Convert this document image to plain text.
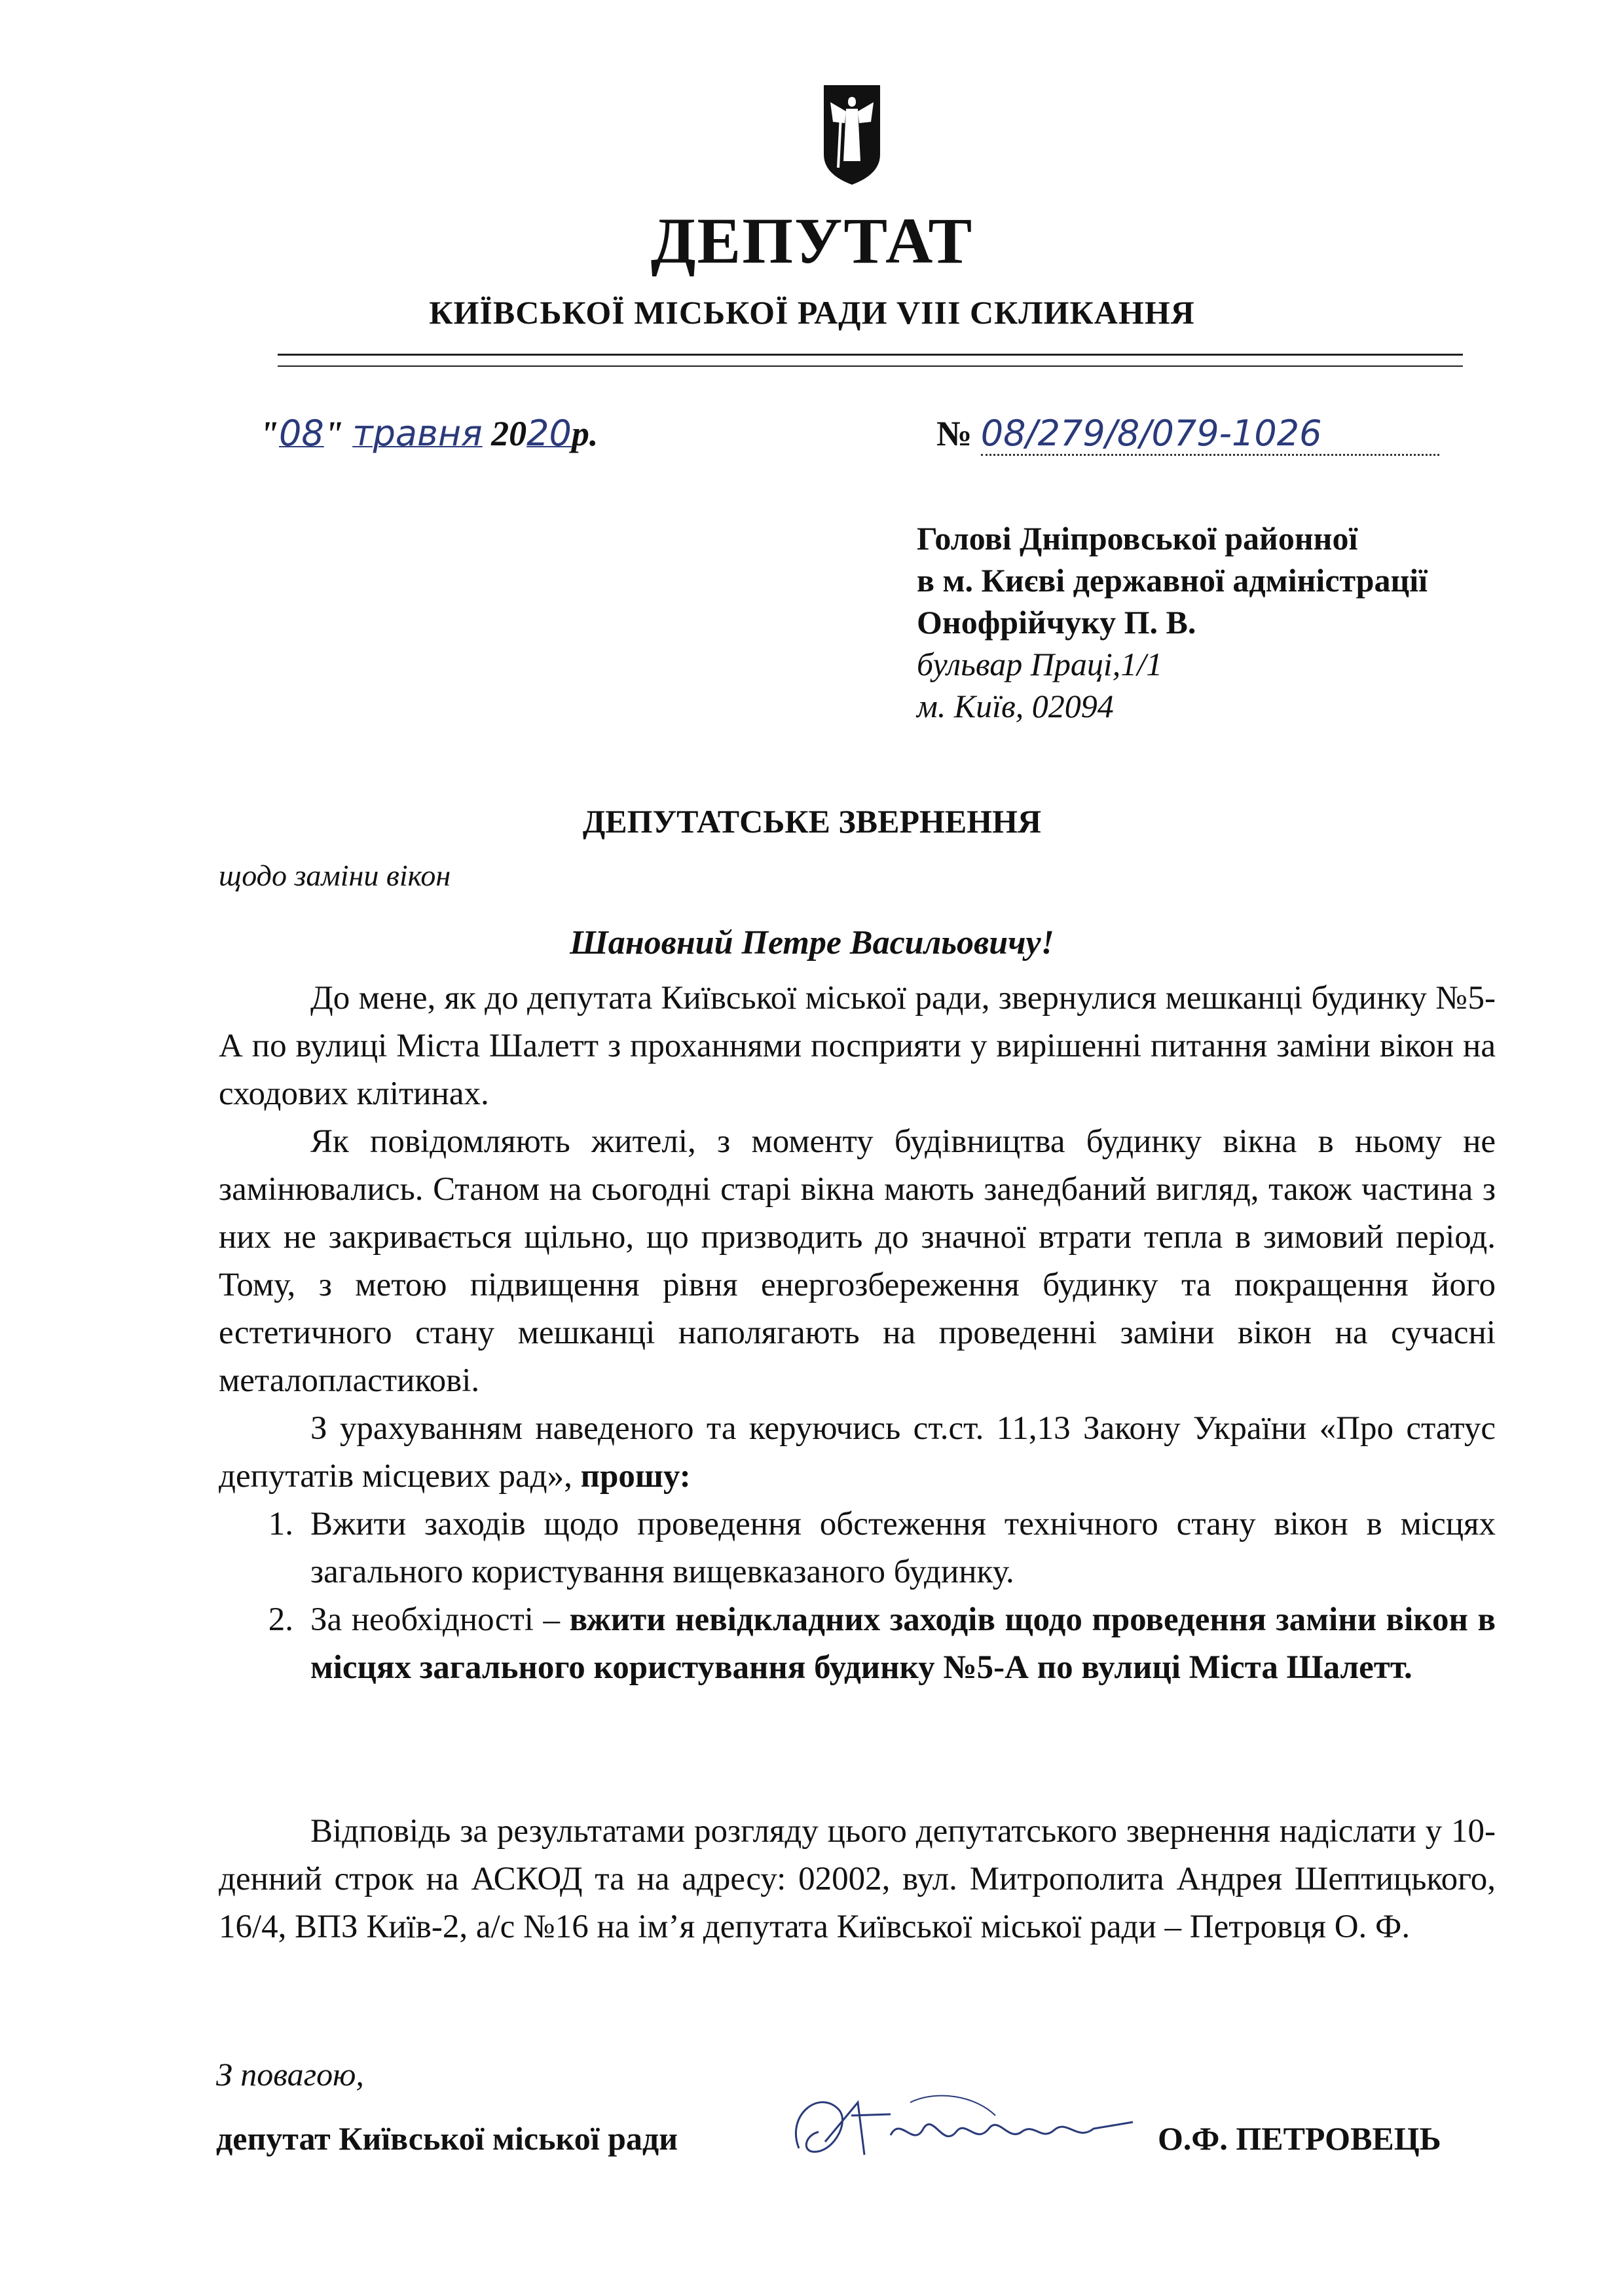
ДЕПУТАТ
КИЇВСЬКОЇ МІСЬКОЇ РАДИ VIII СКЛИКАННЯ
"08" травня 2020р.	№ 08/279/8/079-1026
Голові Дніпровської районної
в м. Києві державної адміністрації
Онофрійчуку П. В.
бульвар Праці,1/1
м. Київ, 02094
ДЕПУТАТСЬКЕ ЗВЕРНЕННЯ
щодо заміни вікон
Шановний Петре Васильовичу!

До мене, як до депутата Київської міської ради, звернулися мешканці будинку №5-А по вулиці Міста Шалетт з проханнями посприяти у вирішенні питання заміни вікон на сходових клітинах.

Як повідомляють жителі, з моменту будівництва будинку вікна в ньому не замінювались. Станом на сьогодні старі вікна мають занедбаний вигляд, також частина з них не закривається щільно, що призводить до значної втрати тепла в зимовий період. Тому, з метою підвищення рівня енергозбереження будинку та покращення його естетичного стану мешканці наполягають на проведенні заміни вікон на сучасні металопластикові.

З урахуванням наведеного та керуючись ст.ст. 11,13 Закону України «Про статус депутатів місцевих рад», прошу:

1. Вжити заходів щодо проведення обстеження технічного стану вікон в місцях загального користування вищевказаного будинку.
2. За необхідності – вжити невідкладних заходів щодо проведення заміни вікон в місцях загального користування будинку №5-А по вулиці Міста Шалетт.

Відповідь за результатами розгляду цього депутатського звернення надіслати у 10-денний строк на АСКОД та на адресу: 02002, вул. Митрополита Андрея Шептицького, 16/4, ВПЗ Київ-2, а/с №16 на ім’я депутата Київської міської ради – Петровця О. Ф.

З повагою,
депутат Київської міської ради	О.Ф. ПЕТРОВЕЦЬ
